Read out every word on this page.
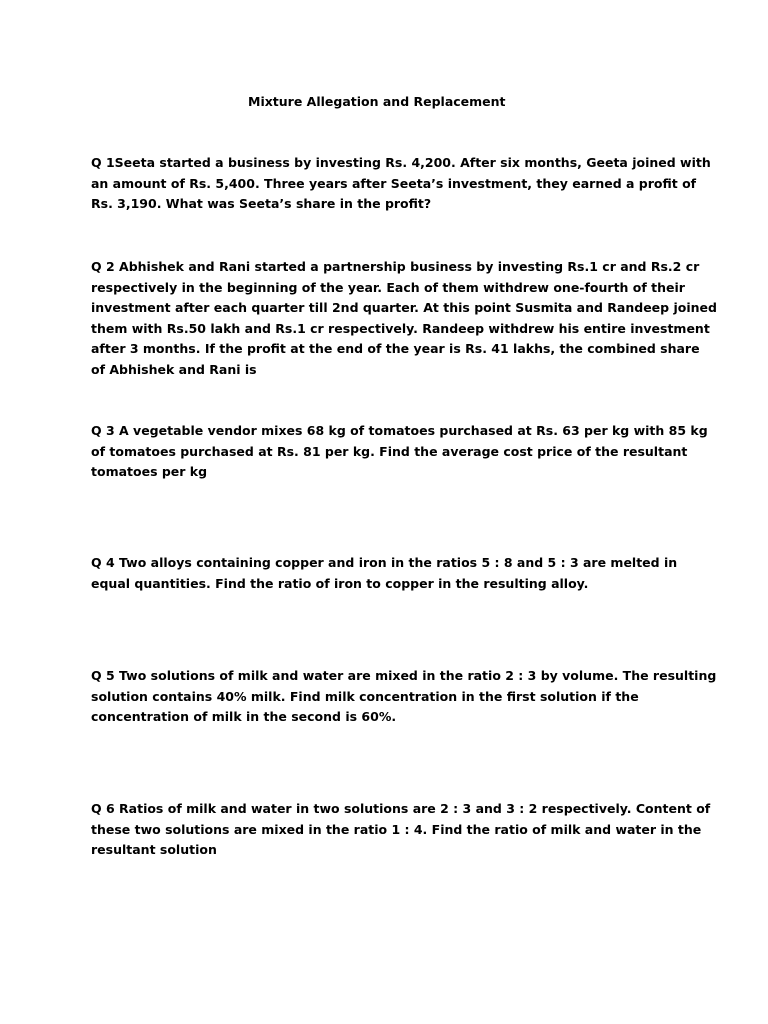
Mixture Allegation and Replacement
Q 1Seeta started a business by investing Rs. 4,200. After six months, Geeta joined with
an amount of Rs. 5,400. Three years after Seeta’s investment, they earned a profit of
Rs. 3,190. What was Seeta’s share in the profit?
Q 2 Abhishek and Rani started a partnership business by investing Rs.1 cr and Rs.2 cr
respectively in the beginning of the year. Each of them withdrew one-fourth of their
investment after each quarter till 2nd quarter. At this point Susmita and Randeep joined
them with Rs.50 lakh and Rs.1 cr respectively. Randeep withdrew his entire investment
after 3 months. If the profit at the end of the year is Rs. 41 lakhs, the combined share
of Abhishek and Rani is
Q 3 A vegetable vendor mixes 68 kg of tomatoes purchased at Rs. 63 per kg with 85 kg
of tomatoes purchased at Rs. 81 per kg. Find the average cost price of the resultant
tomatoes per kg
Q 4 Two alloys containing copper and iron in the ratios 5 : 8 and 5 : 3 are melted in
equal quantities. Find the ratio of iron to copper in the resulting alloy.
Q 5 Two solutions of milk and water are mixed in the ratio 2 : 3 by volume. The resulting
solution contains 40% milk. Find milk concentration in the first solution if the
concentration of milk in the second is 60%.
Q 6 Ratios of milk and water in two solutions are 2 : 3 and 3 : 2 respectively. Content of
these two solutions are mixed in the ratio 1 : 4. Find the ratio of milk and water in the
resultant solution
